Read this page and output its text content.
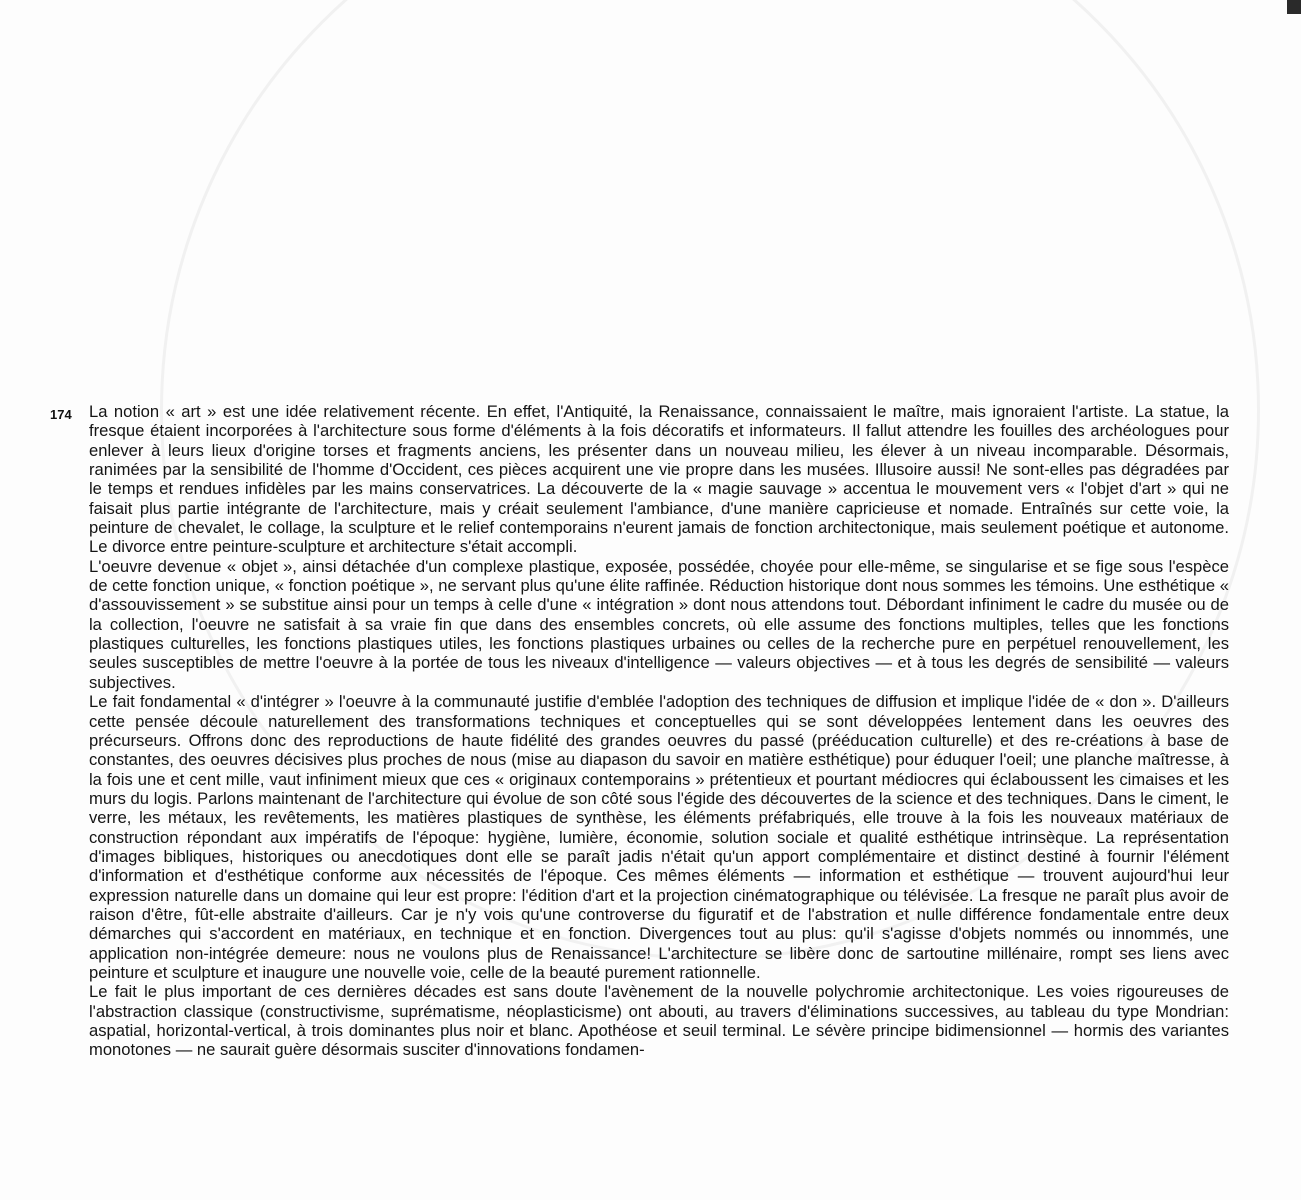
174 La notion « art » est une idée relativement récente. En effet, l'Antiquité, la Renaissance, connaissaient le maître, mais ignoraient l'artiste. La statue, la fresque étaient incorporées à l'architecture sous forme d'éléments à la fois décoratifs et informateurs. Il fallut attendre les fouilles des archéologues pour enlever à leurs lieux d'origine torses et fragments anciens, les présenter dans un nouveau milieu, les élever à un niveau incomparable. Désormais, ranimées par la sensibilité de l'homme d'Occident, ces pièces acquirent une vie propre dans les musées. Illusoire aussi! Ne sont-elles pas dégradées par le temps et rendues infidèles par les mains conservatrices. La découverte de la « magie sauvage » accentua le mouvement vers « l'objet d'art » qui ne faisait plus partie intégrante de l'architecture, mais y créait seulement l'ambiance, d'une manière capricieuse et nomade. Entraînés sur cette voie, la peinture de chevalet, le collage, la sculpture et le relief contemporains n'eurent jamais de fonction architectonique, mais seulement poétique et autonome. Le divorce entre peinture-sculpture et architecture s'était accompli.

L'oeuvre devenue « objet », ainsi détachée d'un complexe plastique, exposée, possédée, choyée pour elle-même, se singularise et se fige sous l'espèce de cette fonction unique, « fonction poétique », ne servant plus qu'une élite raffinée. Réduction historique dont nous sommes les témoins. Une esthétique « d'assouvissement » se substitue ainsi pour un temps à celle d'une « intégration » dont nous attendons tout. Débordant infiniment le cadre du musée ou de la collection, l'oeuvre ne satisfait à sa vraie fin que dans des ensembles concrets, où elle assume des fonctions multiples, telles que les fonctions plastiques culturelles, les fonctions plastiques utiles, les fonctions plastiques urbaines ou celles de la recherche pure en perpétuel renouvellement, les seules susceptibles de mettre l'oeuvre à la portée de tous les niveaux d'intelligence — valeurs objectives — et à tous les degrés de sensibilité — valeurs subjectives.

Le fait fondamental « d'intégrer » l'oeuvre à la communauté justifie d'emblée l'adoption des techniques de diffusion et implique l'idée de « don ». D'ailleurs cette pensée découle naturellement des transformations techniques et conceptuelles qui se sont développées lentement dans les oeuvres des précurseurs. Offrons donc des reproductions de haute fidélité des grandes oeuvres du passé (prééducation culturelle) et des re-créations à base de constantes, des oeuvres décisives plus proches de nous (mise au diapason du savoir en matière esthétique) pour éduquer l'oeil; une planche maîtresse, à la fois une et cent mille, vaut infiniment mieux que ces « originaux contemporains » prétentieux et pourtant médiocres qui éclaboussent les cimaises et les murs du logis. Parlons maintenant de l'architecture qui évolue de son côté sous l'égide des découvertes de la science et des techniques. Dans le ciment, le verre, les métaux, les revêtements, les matières plastiques de synthèse, les éléments préfabriqués, elle trouve à la fois les nouveaux matériaux de construction répondant aux impératifs de l'époque: hygiène, lumière, économie, solution sociale et qualité esthétique intrinsèque. La représentation d'images bibliques, historiques ou anecdotiques dont elle se paraît jadis n'était qu'un apport complémentaire et distinct destiné à fournir l'élément d'information et d'esthétique conforme aux nécessités de l'époque. Ces mêmes éléments — information et esthétique — trouvent aujourd'hui leur expression naturelle dans un domaine qui leur est propre: l'édition d'art et la projection cinématographique ou télévisée. La fresque ne paraît plus avoir de raison d'être, fût-elle abstraite d'ailleurs. Car je n'y vois qu'une controverse du figuratif et de l'abstration et nulle différence fondamentale entre deux démarches qui s'accordent en matériaux, en technique et en fonction. Divergences tout au plus: qu'il s'agisse d'objets nommés ou innommés, une application non-intégrée demeure: nous ne voulons plus de Renaissance! L'architecture se libère donc de sartoutine millénaire, rompt ses liens avec peinture et sculpture et inaugure une nouvelle voie, celle de la beauté purement rationnelle.

Le fait le plus important de ces dernières décades est sans doute l'avènement de la nouvelle polychromie architectonique. Les voies rigoureuses de l'abstraction classique (constructivisme, suprématisme, néoplasticisme) ont abouti, au travers d'éliminations successives, au tableau du type Mondrian: aspatial, horizontal-vertical, à trois dominantes plus noir et blanc. Apothéose et seuil terminal. Le sévère principe bidimensionnel — hormis des variantes monotones — ne saurait guère désormais susciter d'innovations fondamen-
